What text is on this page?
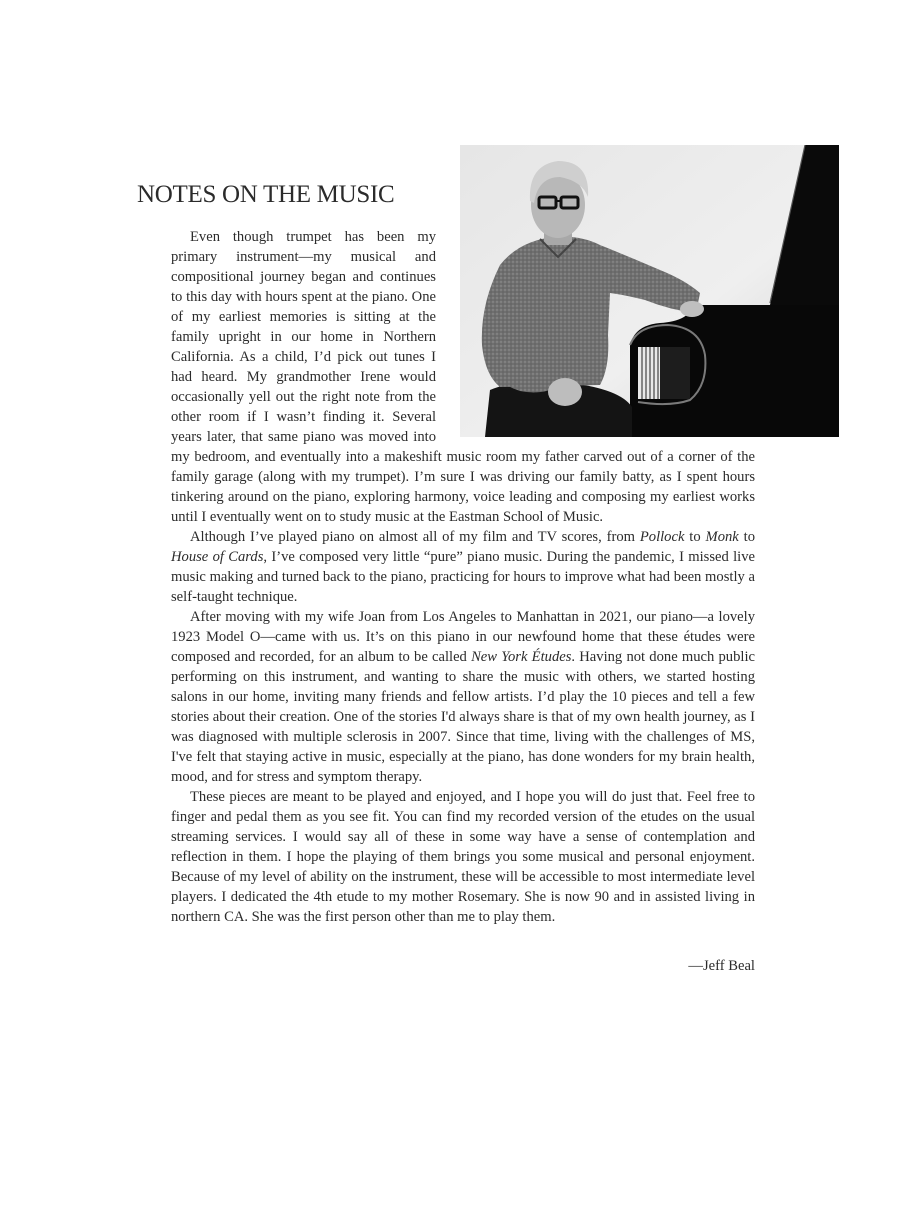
NOTES ON THE MUSIC

Even though trumpet has been my primary instrument—my musical and compositional journey began and continues to this day with hours spent at the piano. One of my earliest memories is sitting at the family upright in our home in Northern California. As a child, I’d pick out tunes I had heard. My grandmother Irene would occasionally yell out the right note from the other room if I wasn’t finding it. Several years later, that same piano was moved into my bedroom, and eventually into a makeshift music room my father carved out of a corner of the family garage (along with my trumpet). I’m sure I was driving our family batty, as I spent hours tinkering around on the piano, exploring harmony, voice leading and composing my earliest works until I eventually went on to study music at the Eastman School of Music.

Although I’ve played piano on almost all of my film and TV scores, from Pollock to Monk to House of Cards, I’ve composed very little “pure” piano music. During the pandemic, I missed live music making and turned back to the piano, practicing for hours to improve what had been mostly a self-taught technique.

After moving with my wife Joan from Los Angeles to Manhattan in 2021, our piano—a lovely 1923 Model O—came with us. It’s on this piano in our newfound home that these études were composed and recorded, for an album to be called New York Études. Having not done much public performing on this instrument, and wanting to share the music with others, we started hosting salons in our home, inviting many friends and fellow artists. I’d play the 10 pieces and tell a few stories about their creation. One of the stories I'd always share is that of my own health journey, as I was diagnosed with multiple sclerosis in 2007. Since that time, living with the challenges of MS, I've felt that staying active in music, especially at the piano, has done wonders for my brain health, mood, and for stress and symptom therapy.

These pieces are meant to be played and enjoyed, and I hope you will do just that. Feel free to finger and pedal them as you see fit. You can find my recorded version of the etudes on the usual streaming services. I would say all of these in some way have a sense of contemplation and reflection in them. I hope the playing of them brings you some musical and personal enjoyment. Because of my level of ability on the instrument, these will be accessible to most intermediate level players. I dedicated the 4th etude to my mother Rosemary. She is now 90 and in assisted living in northern CA. She was the first person other than me to play them.

—Jeff Beal
